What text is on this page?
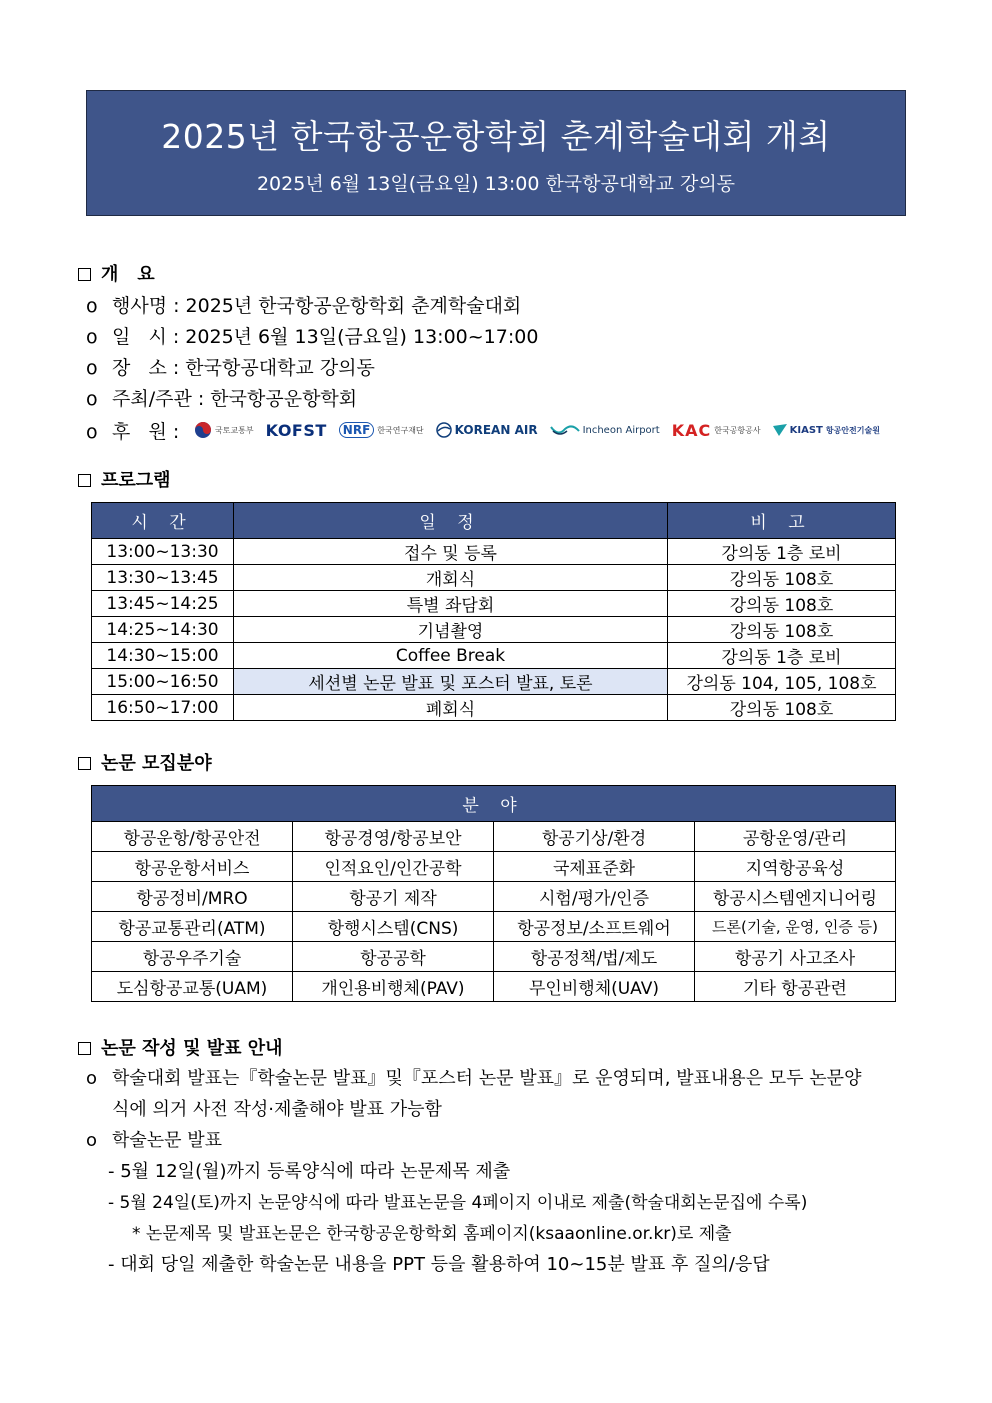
2025년 한국항공운항학회 춘계학술대회 개최
2025년 6월 13일(금요일) 13:00 한국항공대학교 강의동
개   요
ο 행사명 : 2025년 한국항공운항학회 춘계학술대회
ο 일   시 : 2025년 6월 13일(금요일) 13:00~17:00
ο 장   소 : 한국항공대학교 강의동
ο 주최/주관 : 한국항공운항학회
ο 후   원 :	국토교통부 KOFST	NRF 한국연구재단	KOREAN AIR	Incheon Airport KAC 한국공항공사	KIAST 항공안전기술원
프로그램
시 간	일 정	비 고
13:00~13:30	접수 및 등록	강의동 1층 로비
13:30~13:45	개회식	강의동 108호
13:45~14:25	특별 좌담회	강의동 108호
14:25~14:30	기념촬영	강의동 108호
14:30~15:00	Coffee Break	강의동 1층 로비
15:00~16:50	세션별 논문 발표 및 포스터 발표, 토론	강의동 104, 105, 108호
16:50~17:00	폐회식	강의동 108호
논문 모집분야
분 야			
항공운항/항공안전	항공경영/항공보안	항공기상/환경	공항운영/관리
항공운항서비스	인적요인/인간공학	국제표준화	지역항공육성
항공정비/MRO	항공기 제작	시험/평가/인증	항공시스템엔지니어링
항공교통관리(ATM)	항행시스템(CNS)	항공정보/소프트웨어	드론(기술, 운영, 인증 등)
항공우주기술	항공공학	항공정책/법/제도	항공기 사고조사
도심항공교통(UAM)	개인용비행체(PAV)	무인비행체(UAV)	기타 항공관련
논문 작성 및 발표 안내
ο 학술대회 발표는『학술논문 발표』및『포스터 논문 발표』로 운영되며, 발표내용은 모두 논문양
식에 의거 사전 작성·제출해야 발표 가능함
ο 학술논문 발표
- 5월 12일(월)까지 등록양식에 따라 논문제목 제출
- 5월 24일(토)까지 논문양식에 따라 발표논문을 4페이지 이내로 제출(학술대회논문집에 수록)
* 논문제목 및 발표논문은 한국항공운항학회 홈페이지(ksaaonline.or.kr)로 제출
- 대회 당일 제출한 학술논문 내용을 PPT 등을 활용하여 10~15분 발표 후 질의/응답
